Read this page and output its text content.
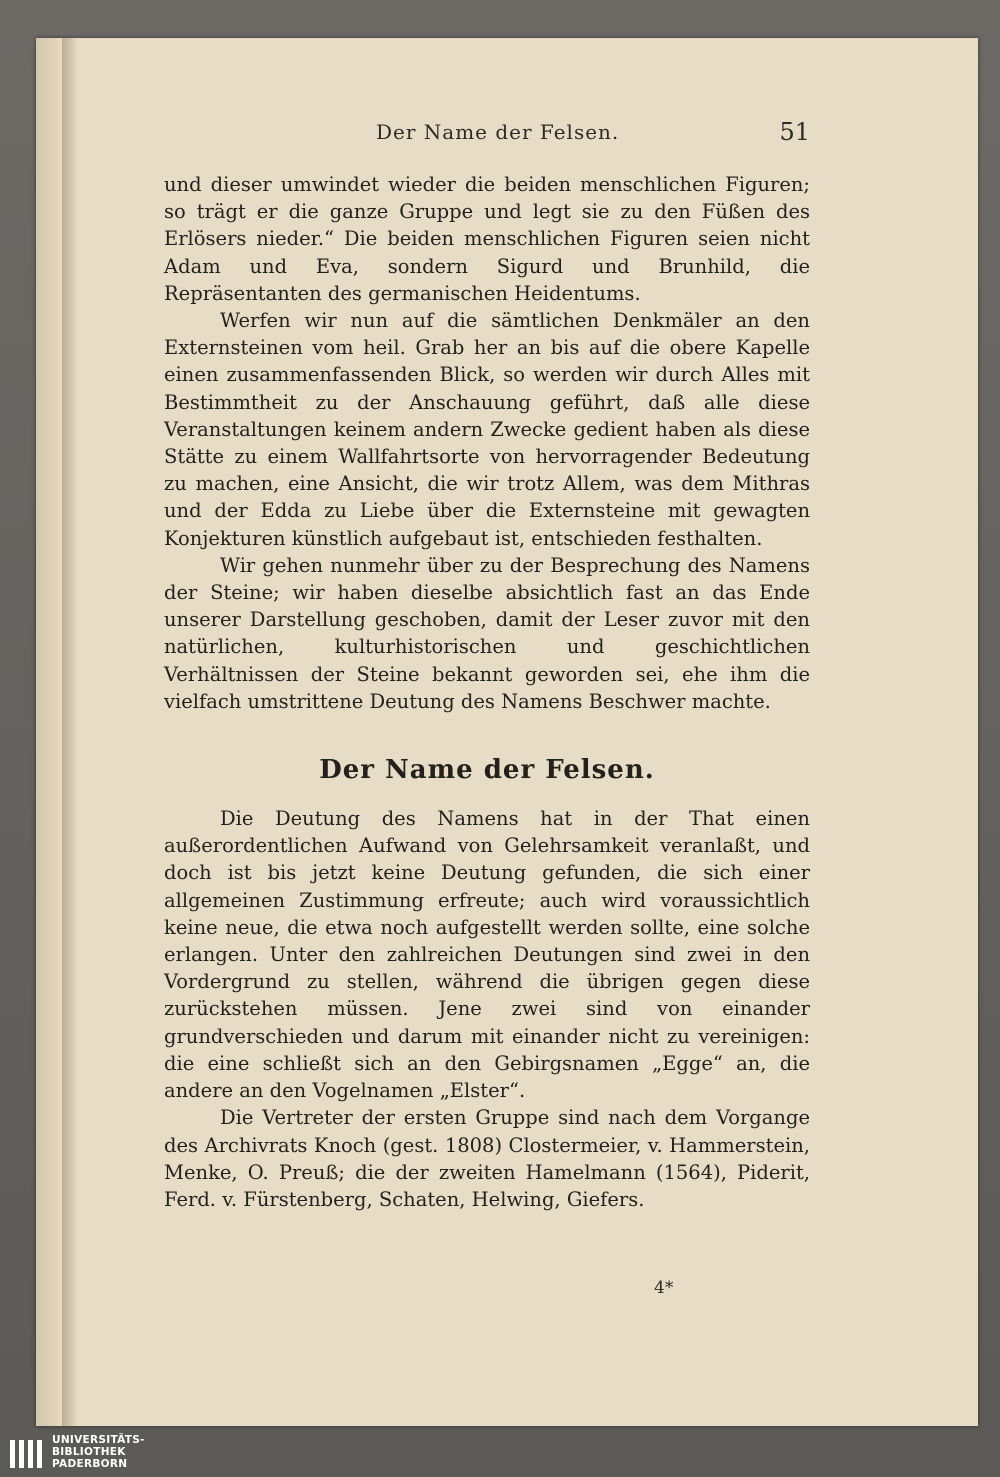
Der Name der Felsen.	51

und dieser umwindet wieder die beiden menschlichen Figuren; so trägt er die ganze Gruppe und legt sie zu den Füßen des Erlösers nieder.“ Die beiden menschlichen Figuren seien nicht Adam und Eva, sondern Sigurd und Brunhild, die Repräsentanten des germanischen Heidentums.

Werfen wir nun auf die sämtlichen Denkmäler an den Externsteinen vom heil. Grab her an bis auf die obere Kapelle einen zusammenfassenden Blick, so werden wir durch Alles mit Bestimmtheit zu der Anschauung geführt, daß alle diese Veranstaltungen keinem andern Zwecke gedient haben als diese Stätte zu einem Wallfahrtsorte von hervorragender Bedeutung zu machen, eine Ansicht, die wir trotz Allem, was dem Mithras und der Edda zu Liebe über die Externsteine mit gewagten Konjekturen künstlich aufgebaut ist, entschieden festhalten.

Wir gehen nunmehr über zu der Besprechung des Namens der Steine; wir haben dieselbe absichtlich fast an das Ende unserer Darstellung geschoben, damit der Leser zuvor mit den natürlichen, kulturhistorischen und geschichtlichen Verhältnissen der Steine bekannt geworden sei, ehe ihm die vielfach umstrittene Deutung des Namens Beschwer machte.

Der Name der Felsen.

Die Deutung des Namens hat in der That einen außerordentlichen Aufwand von Gelehrsamkeit veranlaßt, und doch ist bis jetzt keine Deutung gefunden, die sich einer allgemeinen Zustimmung erfreute; auch wird voraussichtlich keine neue, die etwa noch aufgestellt werden sollte, eine solche erlangen. Unter den zahlreichen Deutungen sind zwei in den Vordergrund zu stellen, während die übrigen gegen diese zurückstehen müssen. Jene zwei sind von einander grundverschieden und darum mit einander nicht zu vereinigen: die eine schließt sich an den Gebirgsnamen „Egge“ an, die andere an den Vogelnamen „Elster“.

Die Vertreter der ersten Gruppe sind nach dem Vorgange des Archivrats Knoch (gest. 1808) Clostermeier, v. Hammerstein, Menke, O. Preuß; die der zweiten Hamelmann (1564), Piderit, Ferd. v. Fürstenberg, Schaten, Helwing, Giefers.

4*
UNIVERSITÄTS-
BIBLIOTHEK
PADERBORN
